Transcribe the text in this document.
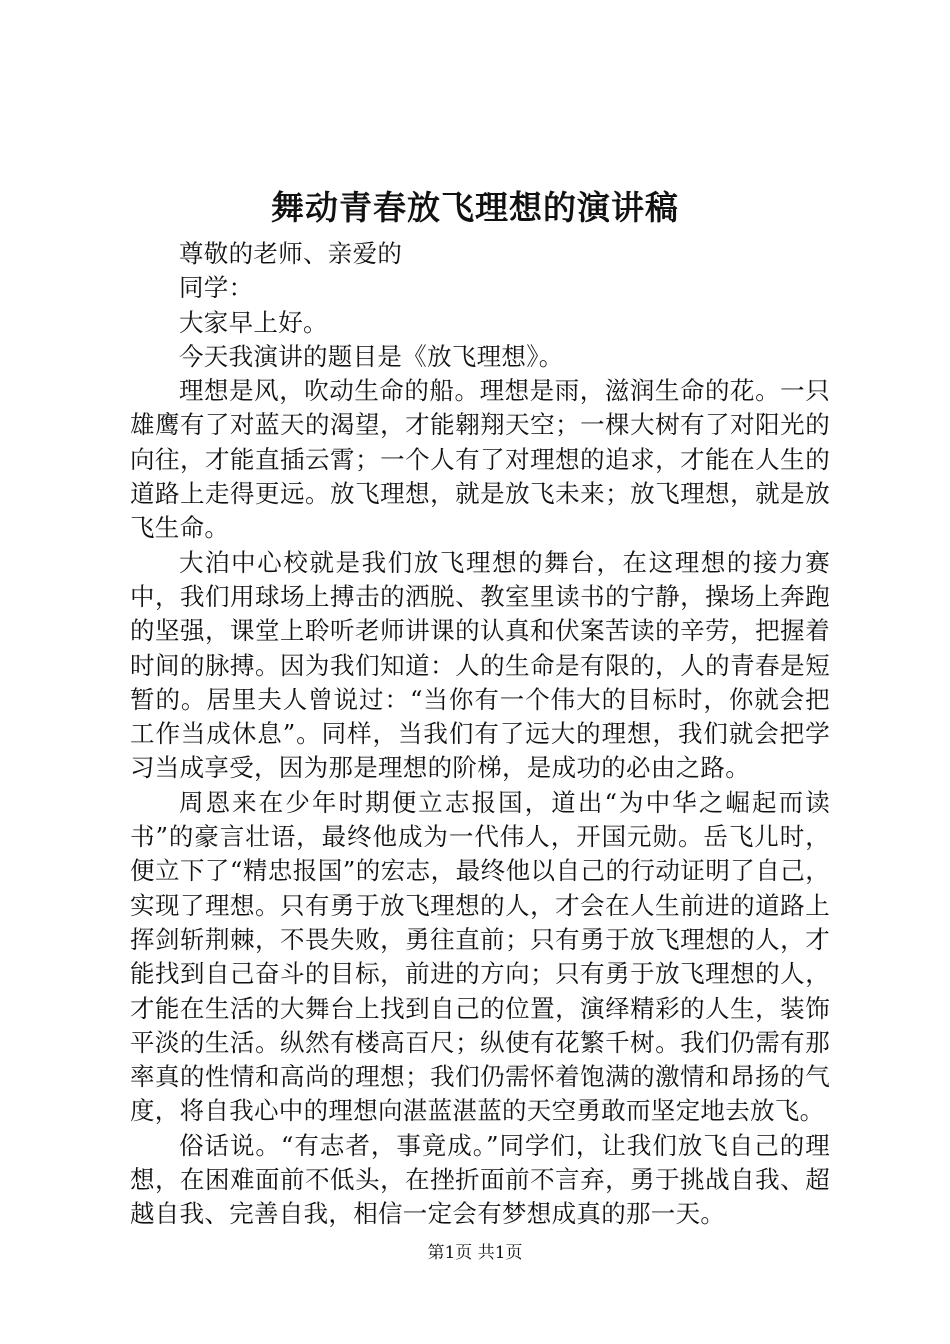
舞动青春放飞理想的演讲稿

尊敬的老师、亲爱的

同学：

大家早上好。

今天我演讲的题目是《放飞理想》。

理想是风，吹动生命的船。理想是雨，滋润生命的花。一只雄鹰有了对蓝天的渴望，才能翱翔天空；一棵大树有了对阳光的向往，才能直插云霄；一个人有了对理想的追求，才能在人生的道路上走得更远。放飞理想，就是放飞未来；放飞理想，就是放飞生命。

大泊中心校就是我们放飞理想的舞台，在这理想的接力赛中，我们用球场上搏击的洒脱、教室里读书的宁静，操场上奔跑的坚强，课堂上聆听老师讲课的认真和伏案苦读的辛劳，把握着时间的脉搏。因为我们知道：人的生命是有限的，人的青春是短暂的。居里夫人曾说过：“当你有一个伟大的目标时，你就会把工作当成休息”。同样，当我们有了远大的理想，我们就会把学习当成享受，因为那是理想的阶梯，是成功的必由之路。

周恩来在少年时期便立志报国，道出“为中华之崛起而读书”的豪言壮语，最终他成为一代伟人，开国元勋。岳飞儿时，便立下了“精忠报国”的宏志，最终他以自己的行动证明了自己，实现了理想。只有勇于放飞理想的人，才会在人生前进的道路上挥剑斩荆棘，不畏失败，勇往直前；只有勇于放飞理想的人，才能找到自己奋斗的目标，前进的方向；只有勇于放飞理想的人，才能在生活的大舞台上找到自己的位置，演绎精彩的人生，装饰平淡的生活。纵然有楼高百尺；纵使有花繁千树。我们仍需有那率真的性情和高尚的理想；我们仍需怀着饱满的激情和昂扬的气度，将自我心中的理想向湛蓝湛蓝的天空勇敢而坚定地去放飞。

俗话说。“有志者，事竟成。”同学们，让我们放飞自己的理想，在困难面前不低头，在挫折面前不言弃，勇于挑战自我、超越自我、完善自我，相信一定会有梦想成真的那一天。

第1页 共1页
